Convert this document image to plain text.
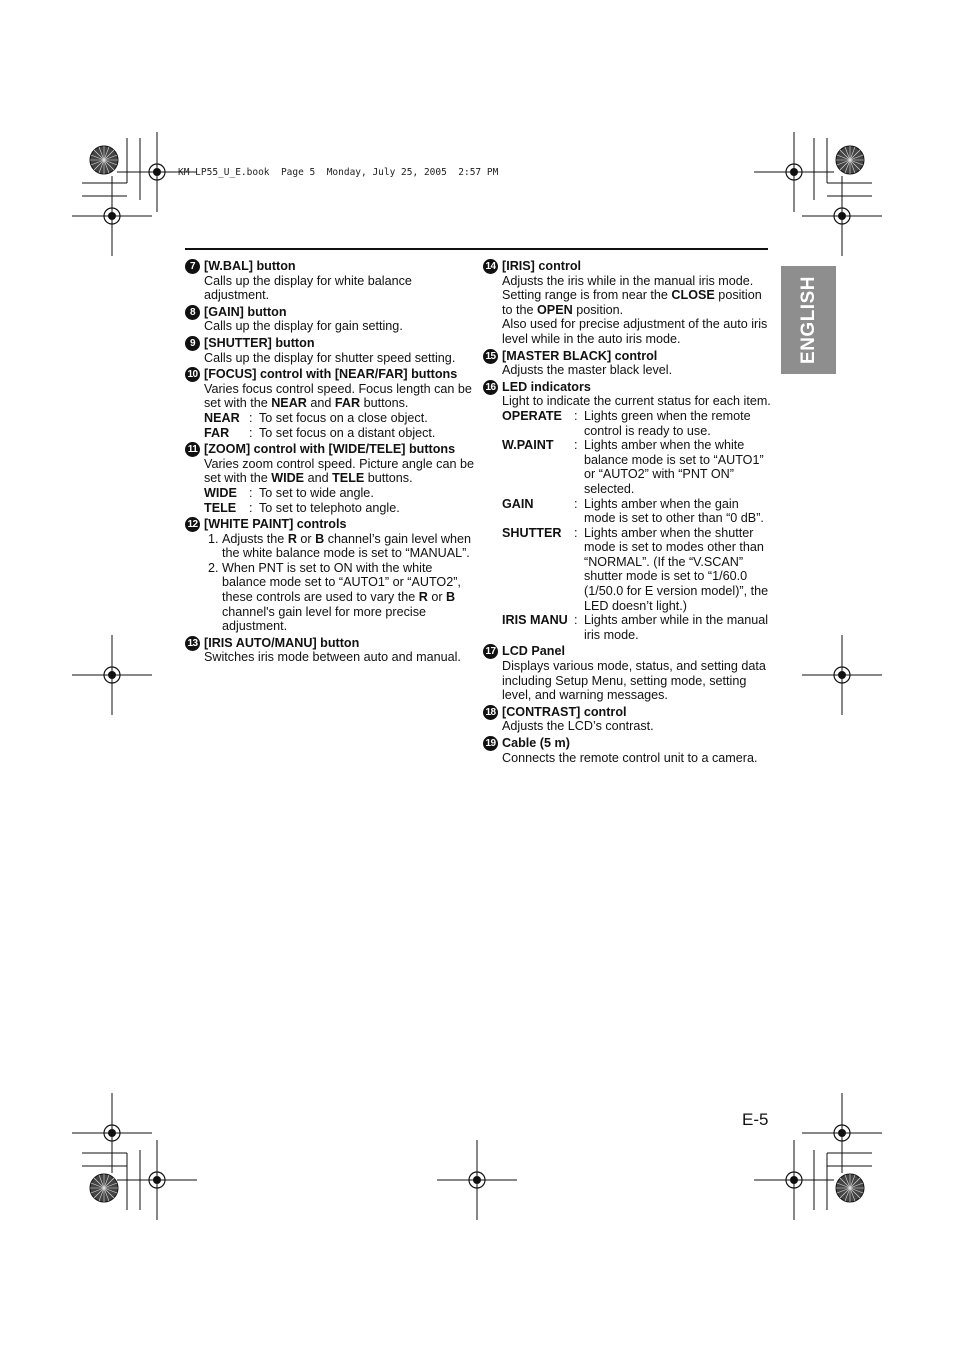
KM-LP55_U_E.book  Page 5  Monday, July 25, 2005  2:57 PM
ENGLISH
7 [W.BAL] button
Calls up the display for white balance adjustment.
8 [GAIN] button
Calls up the display for gain setting.
9 [SHUTTER] button
Calls up the display for shutter speed setting.
10 [FOCUS] control with [NEAR/FAR] buttons
Varies focus control speed. Focus length can be set with the NEAR and FAR buttons.
NEAR : To set focus on a close object.
FAR	: To set focus on a distant object.
11 [ZOOM] control with [WIDE/TELE] buttons
Varies zoom control speed. Picture angle can be set with the WIDE and TELE buttons.
WIDE : To set to wide angle.
TELE	: To set to telephoto angle.
12 [WHITE PAINT] controls
1. Adjusts the R or B channel’s gain level when the white balance mode is set to “MANUAL”.
2. When PNT is set to ON with the white balance mode set to “AUTO1” or “AUTO2”, these controls are used to vary the R or B channel's gain level for more precise adjustment.
13 [IRIS AUTO/MANU] button
Switches iris mode between auto and manual.
14 [IRIS] control
Adjusts the iris while in the manual iris mode. Setting range is from near the CLOSE position to the OPEN position.
Also used for precise adjustment of the auto iris level while in the auto iris mode.
15 [MASTER BLACK] control
Adjusts the master black level.
16 LED indicators
Light to indicate the current status for each item.
OPERATE : Lights green when the remote control is ready to use.
W.PAINT	: Lights amber when the white balance mode is set to “AUTO1” or “AUTO2” with “PNT ON” selected.
GAIN	: Lights amber when the gain mode is set to other than “0 dB”.
SHUTTER : Lights amber when the shutter mode is set to modes other than “NORMAL”. (If the “V.SCAN” shutter mode is set to “1/60.0 (1/50.0 for E version model)”, the LED doesn’t light.)
IRIS MANU : Lights amber while in the manual iris mode.
17 LCD Panel
Displays various mode, status, and setting data including Setup Menu, setting mode, setting level, and warning messages.
18 [CONTRAST] control
Adjusts the LCD’s contrast.
19 Cable (5 m)
Connects the remote control unit to a camera.
E-5
